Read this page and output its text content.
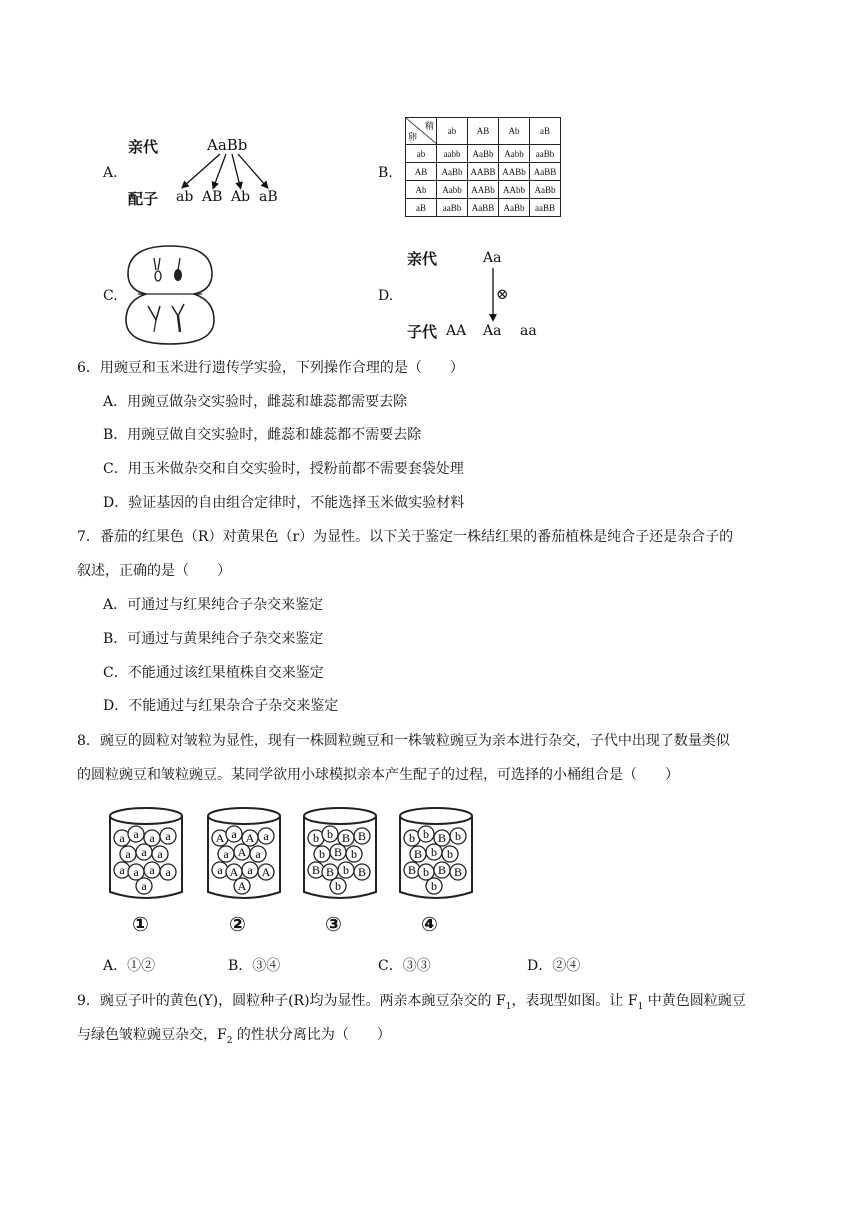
A.
亲代	AaBb
配子 ab AB Ab aB
B.
精
卵	ab	AB	Ab	aB
ab	aabb	AaBb	Aabb	aaBb
AB	AaBb	AABB	AABb	AaBB
Ab	Aabb	AABb	AAbb	AaBb
aB	aaBb	AaBB	AaBb	aaBB
C.	D.
亲代	Aa
⊗
子代 AA Aa aa
6．用豌豆和玉米进行遗传学实验，下列操作合理的是（　　）
A．用豌豆做杂交实验时，雌蕊和雄蕊都需要去除
B．用豌豆做自交实验时，雌蕊和雄蕊都不需要去除
C．用玉米做杂交和自交实验时，授粉前都不需要套袋处理
D．验证基因的自由组合定律时，不能选择玉米做实验材料
7．番茄的红果色（R）对黄果色（r）为显性。以下关于鉴定一株结红果的番茄植株是纯合子还是杂合子的
叙述，正确的是（　　）
A．可通过与红果纯合子杂交来鉴定
B．可通过与黄果纯合子杂交来鉴定
C．不能通过该红果植株自交来鉴定
D．不能通过与红果杂合子杂交来鉴定
8．豌豆的圆粒对皱粒为显性，现有一株圆粒豌豆和一株皱粒豌豆为亲本进行杂交，子代中出现了数量类似
的圆粒豌豆和皱粒豌豆。某同学欲用小球模拟亲本产生配子的过程，可选择的小桶组合是（　　）
a a a a
a a a
a a a a
a
A a A a
a A a
a A a A
A
b b B B
b B b
B B b B
b
b b B b
B b b
B b B B
b
①	②	③	④
A．①②	B．③④	C．③③	D．②④
9．豌豆子叶的黄色(Y)，圆粒种子(R)均为显性。两亲本豌豆杂交的 $F_1$，表现型如图。让 $F_1$ 中黄色圆粒豌豆
与绿色皱粒豌豆杂交，$F_2$ 的性状分离比为（　　）
